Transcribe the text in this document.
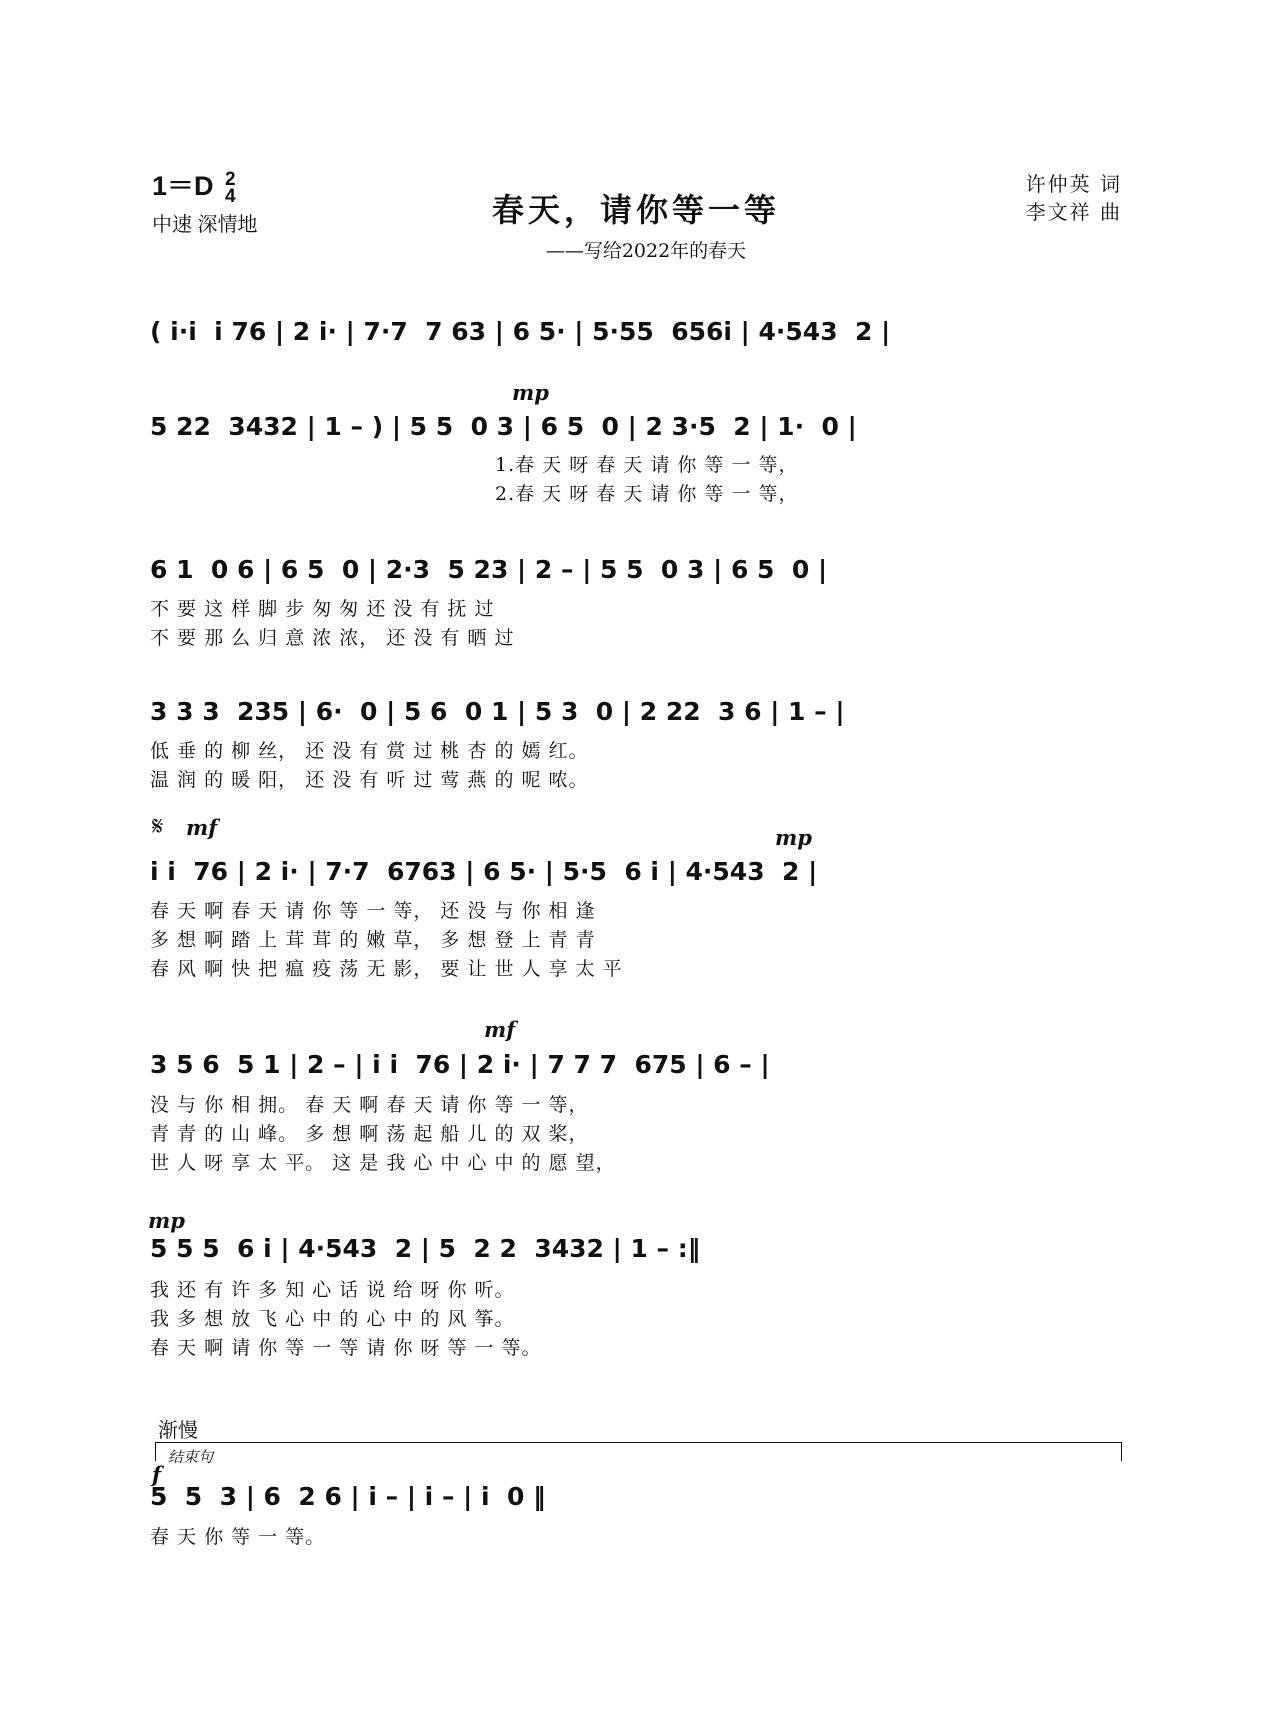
1＝D 2
4
中速 深情地	春天，请你等一等
——写给2022年的春天
许仲英 词
李文祥 曲
( i·i  i 76 | 2 i· | 7·7  7 63 | 6 5· | 5·55  656i | 4·543  2 |
mp
5 22  3432 | 1 – ) | 5 5  0 3 | 6 5  0 | 2 3·5  2 | 1·  0 |
1.春 天 呀 春 天 请 你 等 一 等，
2.春 天 呀 春 天 请 你 等 一 等，
6 1  0 6 | 6 5  0 | 2·3  5 23 | 2 – | 5 5  0 3 | 6 5  0 |
不 要 这 样 脚 步 匆 匆 还 没 有 抚 过
不 要 那 么 归 意 浓 浓， 还 没 有 晒 过
3 3 3  235 | 6·  0 | 5 6  0 1 | 5 3  0 | 2 22  3 6 | 1 – |
低 垂 的 柳 丝， 还 没 有 赏 过 桃 杏 的 嫣 红。
温 润 的 暖 阳， 还 没 有 听 过 莺 燕 的 呢 哝。
𝄋 mf	mp
i i  76 | 2 i· | 7·7  6763 | 6 5· | 5·5  6 i | 4·543  2 |
春 天 啊 春 天 请 你 等 一 等， 还 没 与 你 相 逢
多 想 啊 踏 上 茸 茸 的 嫩 草， 多 想 登 上 青 青
春 风 啊 快 把 瘟 疫 荡 无 影， 要 让 世 人 享 太 平
mf
3 5 6  5 1 | 2 – | i i  76 | 2 i· | 7 7 7  675 | 6 – |
没 与 你 相 拥。 春 天 啊 春 天 请 你 等 一 等，
青 青 的 山 峰。 多 想 啊 荡 起 船 儿 的 双 桨，
世 人 呀 享 太 平。 这 是 我 心 中 心 中 的 愿 望，
mp
5 5 5  6 i | 4·543  2 | 5  2 2  3432 | 1 – :‖
我 还 有 许 多 知 心 话 说 给 呀 你 听。
我 多 想 放 飞 心 中 的 心 中 的 风 筝。
春 天 啊 请 你 等 一 等 请 你 呀 等 一 等。
渐慢
结束句
f
5  5  3 | 6  2 6 | i – | i – | i  0 ‖
春 天 你 等 一 等。
